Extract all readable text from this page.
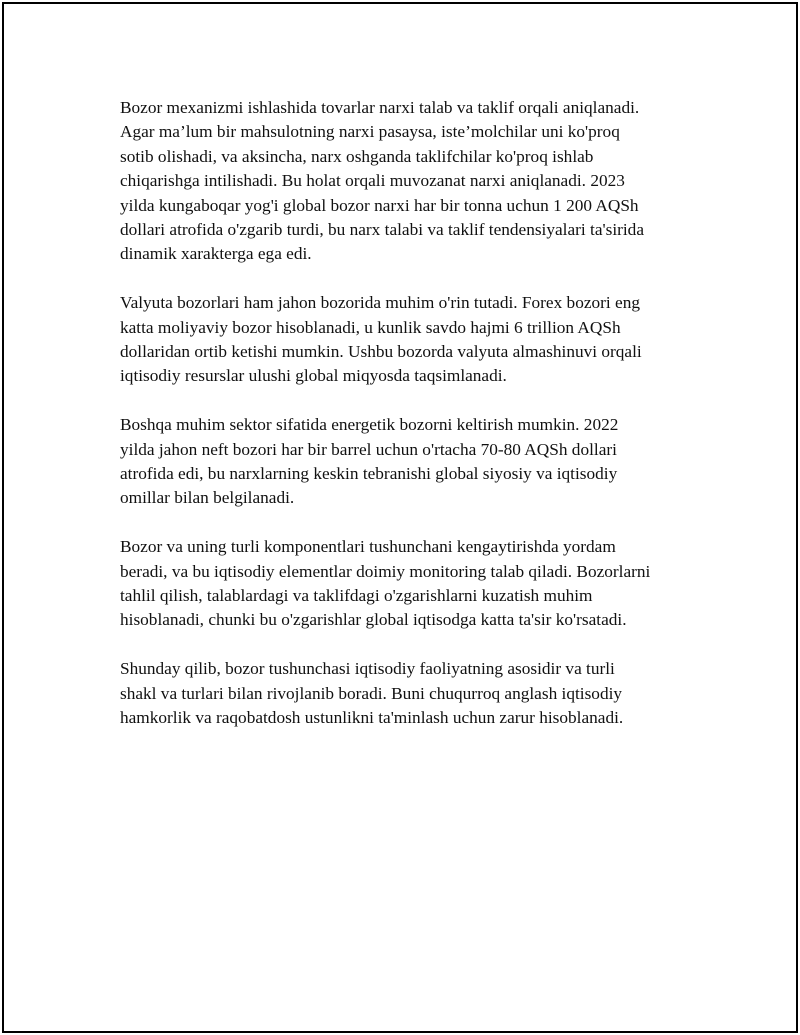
Bozor mexanizmi ishlashida tovarlar narxi talab va taklif orqali aniqlanadi.
Agar ma’lum bir mahsulotning narxi pasaysa, iste’molchilar uni ko'proq
sotib olishadi, va aksincha, narx oshganda taklifchilar ko'proq ishlab
chiqarishga intilishadi. Bu holat orqali muvozanat narxi aniqlanadi. 2023
yilda kungaboqar yog'i global bozor narxi har bir tonna uchun 1 200 AQSh
dollari atrofida o'zgarib turdi, bu narx talabi va taklif tendensiyalari ta'sirida
dinamik xarakterga ega edi.

Valyuta bozorlari ham jahon bozorida muhim o'rin tutadi. Forex bozori eng
katta moliyaviy bozor hisoblanadi, u kunlik savdo hajmi 6 trillion AQSh
dollaridan ortib ketishi mumkin. Ushbu bozorda valyuta almashinuvi orqali
iqtisodiy resurslar ulushi global miqyosda taqsimlanadi.

Boshqa muhim sektor sifatida energetik bozorni keltirish mumkin. 2022
yilda jahon neft bozori har bir barrel uchun o'rtacha 70-80 AQSh dollari
atrofida edi, bu narxlarning keskin tebranishi global siyosiy va iqtisodiy
omillar bilan belgilanadi.

Bozor va uning turli komponentlari tushunchani kengaytirishda yordam
beradi, va bu iqtisodiy elementlar doimiy monitoring talab qiladi. Bozorlarni
tahlil qilish, talablardagi va taklifdagi o'zgarishlarni kuzatish muhim
hisoblanadi, chunki bu o'zgarishlar global iqtisodga katta ta'sir ko'rsatadi.

Shunday qilib, bozor tushunchasi iqtisodiy faoliyatning asosidir va turli
shakl va turlari bilan rivojlanib boradi. Buni chuqurroq anglash iqtisodiy
hamkorlik va raqobatdosh ustunlikni ta'minlash uchun zarur hisoblanadi.
